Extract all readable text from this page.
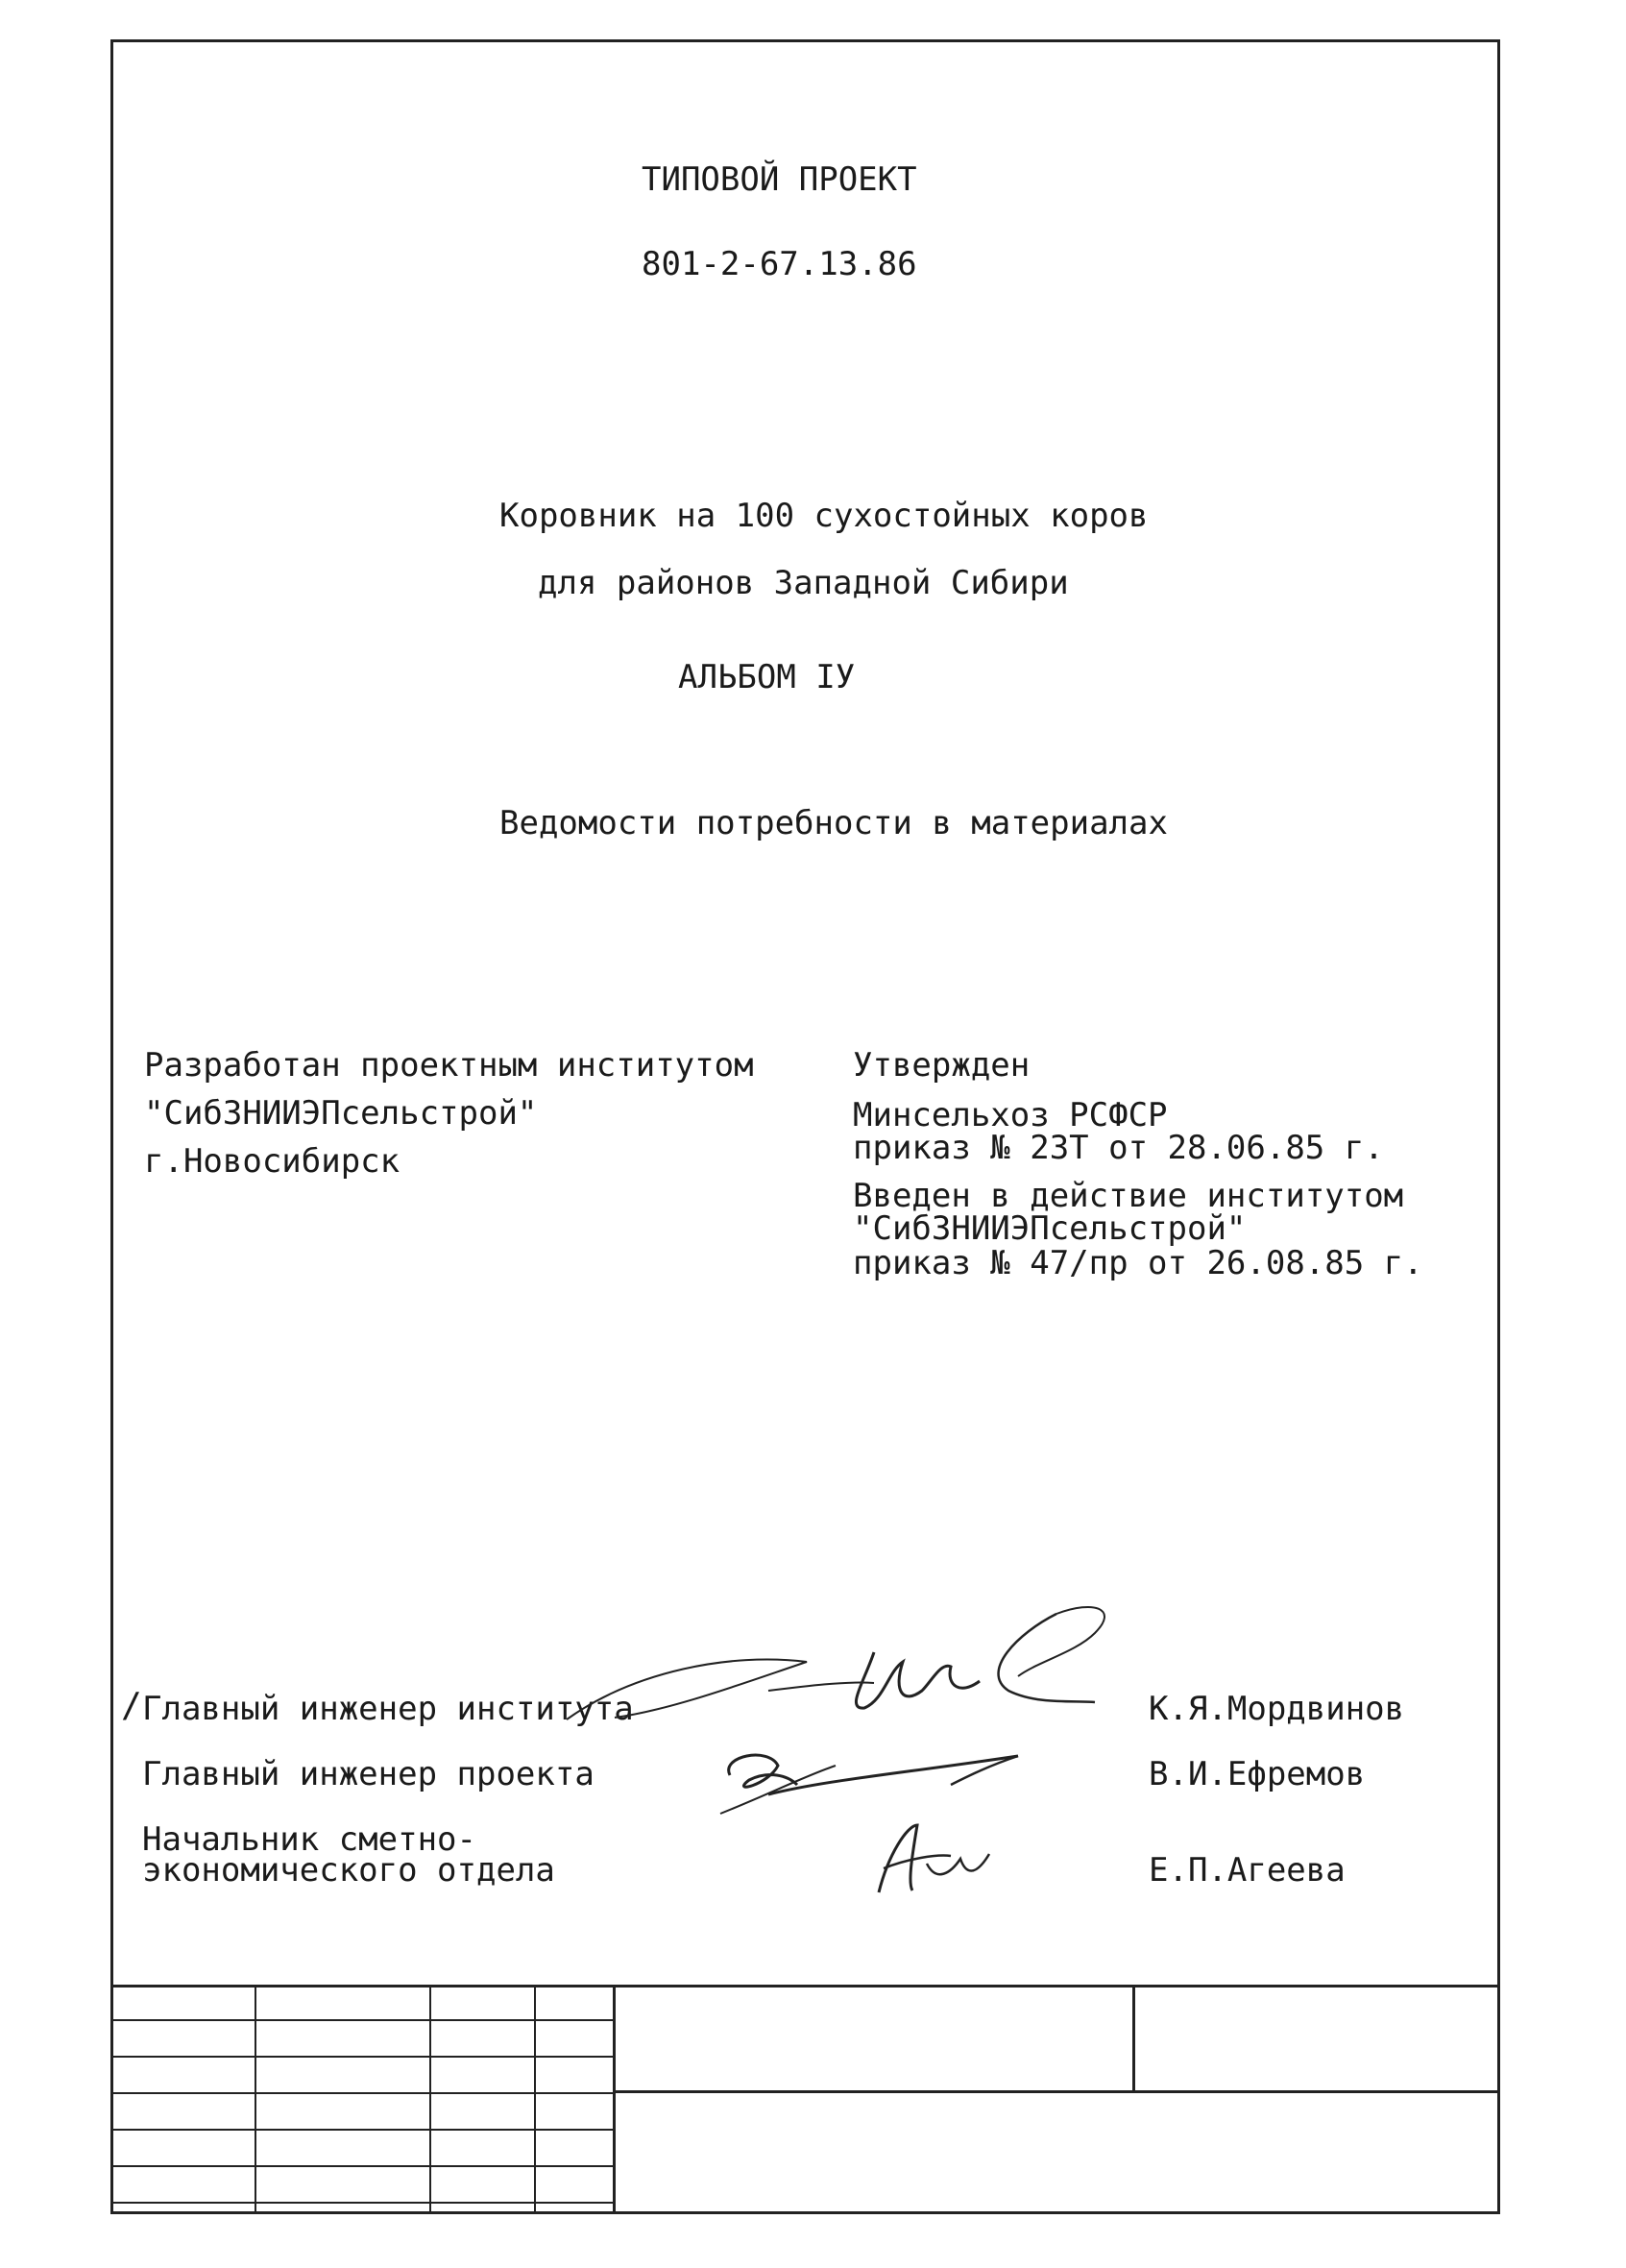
ТИПОВОЙ ПРОЕКТ
801-2-67.13.86
Коровник на 100 сухостойных коров
для районов Западной Сибири
АЛЬБОМ IУ
Ведомости потребности в материалах
Разработан проектным институтом
"СибЗНИИЭПсельстрой"
г.Новосибирск
Утвержден
Минсельхоз РСФСР
приказ № 23Т от 28.06.85 г.
Введен в действие институтом
"СибЗНИИЭПсельстрой"
приказ № 47/пр от 26.08.85 г.
/ Главный инженер института	К.Я.Мордвинов
Главный инженер проекта	В.И.Ефремов
Начальник сметно-
экономического отдела	Е.П.Агеева
